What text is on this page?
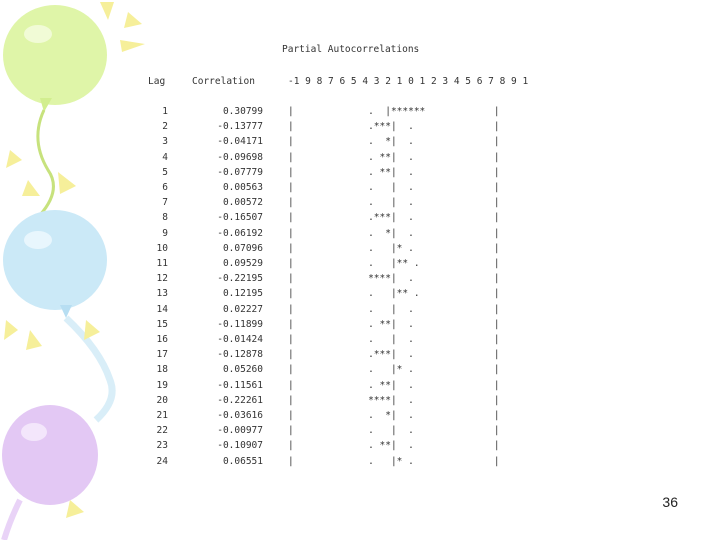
Partial Autocorrelations
Lag	Correlation	-1 9 8 7 6 5 4 3 2 1 0 1 2 3 4 5 6 7 8 9 1
1	0.30799	|             .  |******            |
2	-0.13777	|             .***|  .              |
3	-0.04171	|             .  *|  .              |
4	-0.09698	|             . **|  .              |
5	-0.07779	|             . **|  .              |
6	0.00563	|             .   |  .              |
7	0.00572	|             .   |  .              |
8	-0.16507	|             .***|  .              |
9	-0.06192	|             .  *|  .              |
10	0.07096	|             .   |* .              |
11	0.09529	|             .   |** .             |
12	-0.22195	|             ****|  .              |
13	0.12195	|             .   |** .             |
14	0.02227	|             .   |  .              |
15	-0.11899	|             . **|  .              |
16	-0.01424	|             .   |  .              |
17	-0.12878	|             .***|  .              |
18	0.05260	|             .   |* .              |
19	-0.11561	|             . **|  .              |
20	-0.22261	|             ****|  .              |
21	-0.03616	|             .  *|  .              |
22	-0.00977	|             .   |  .              |
23	-0.10907	|             . **|  .              |
24	0.06551	|             .   |* .              |
36
